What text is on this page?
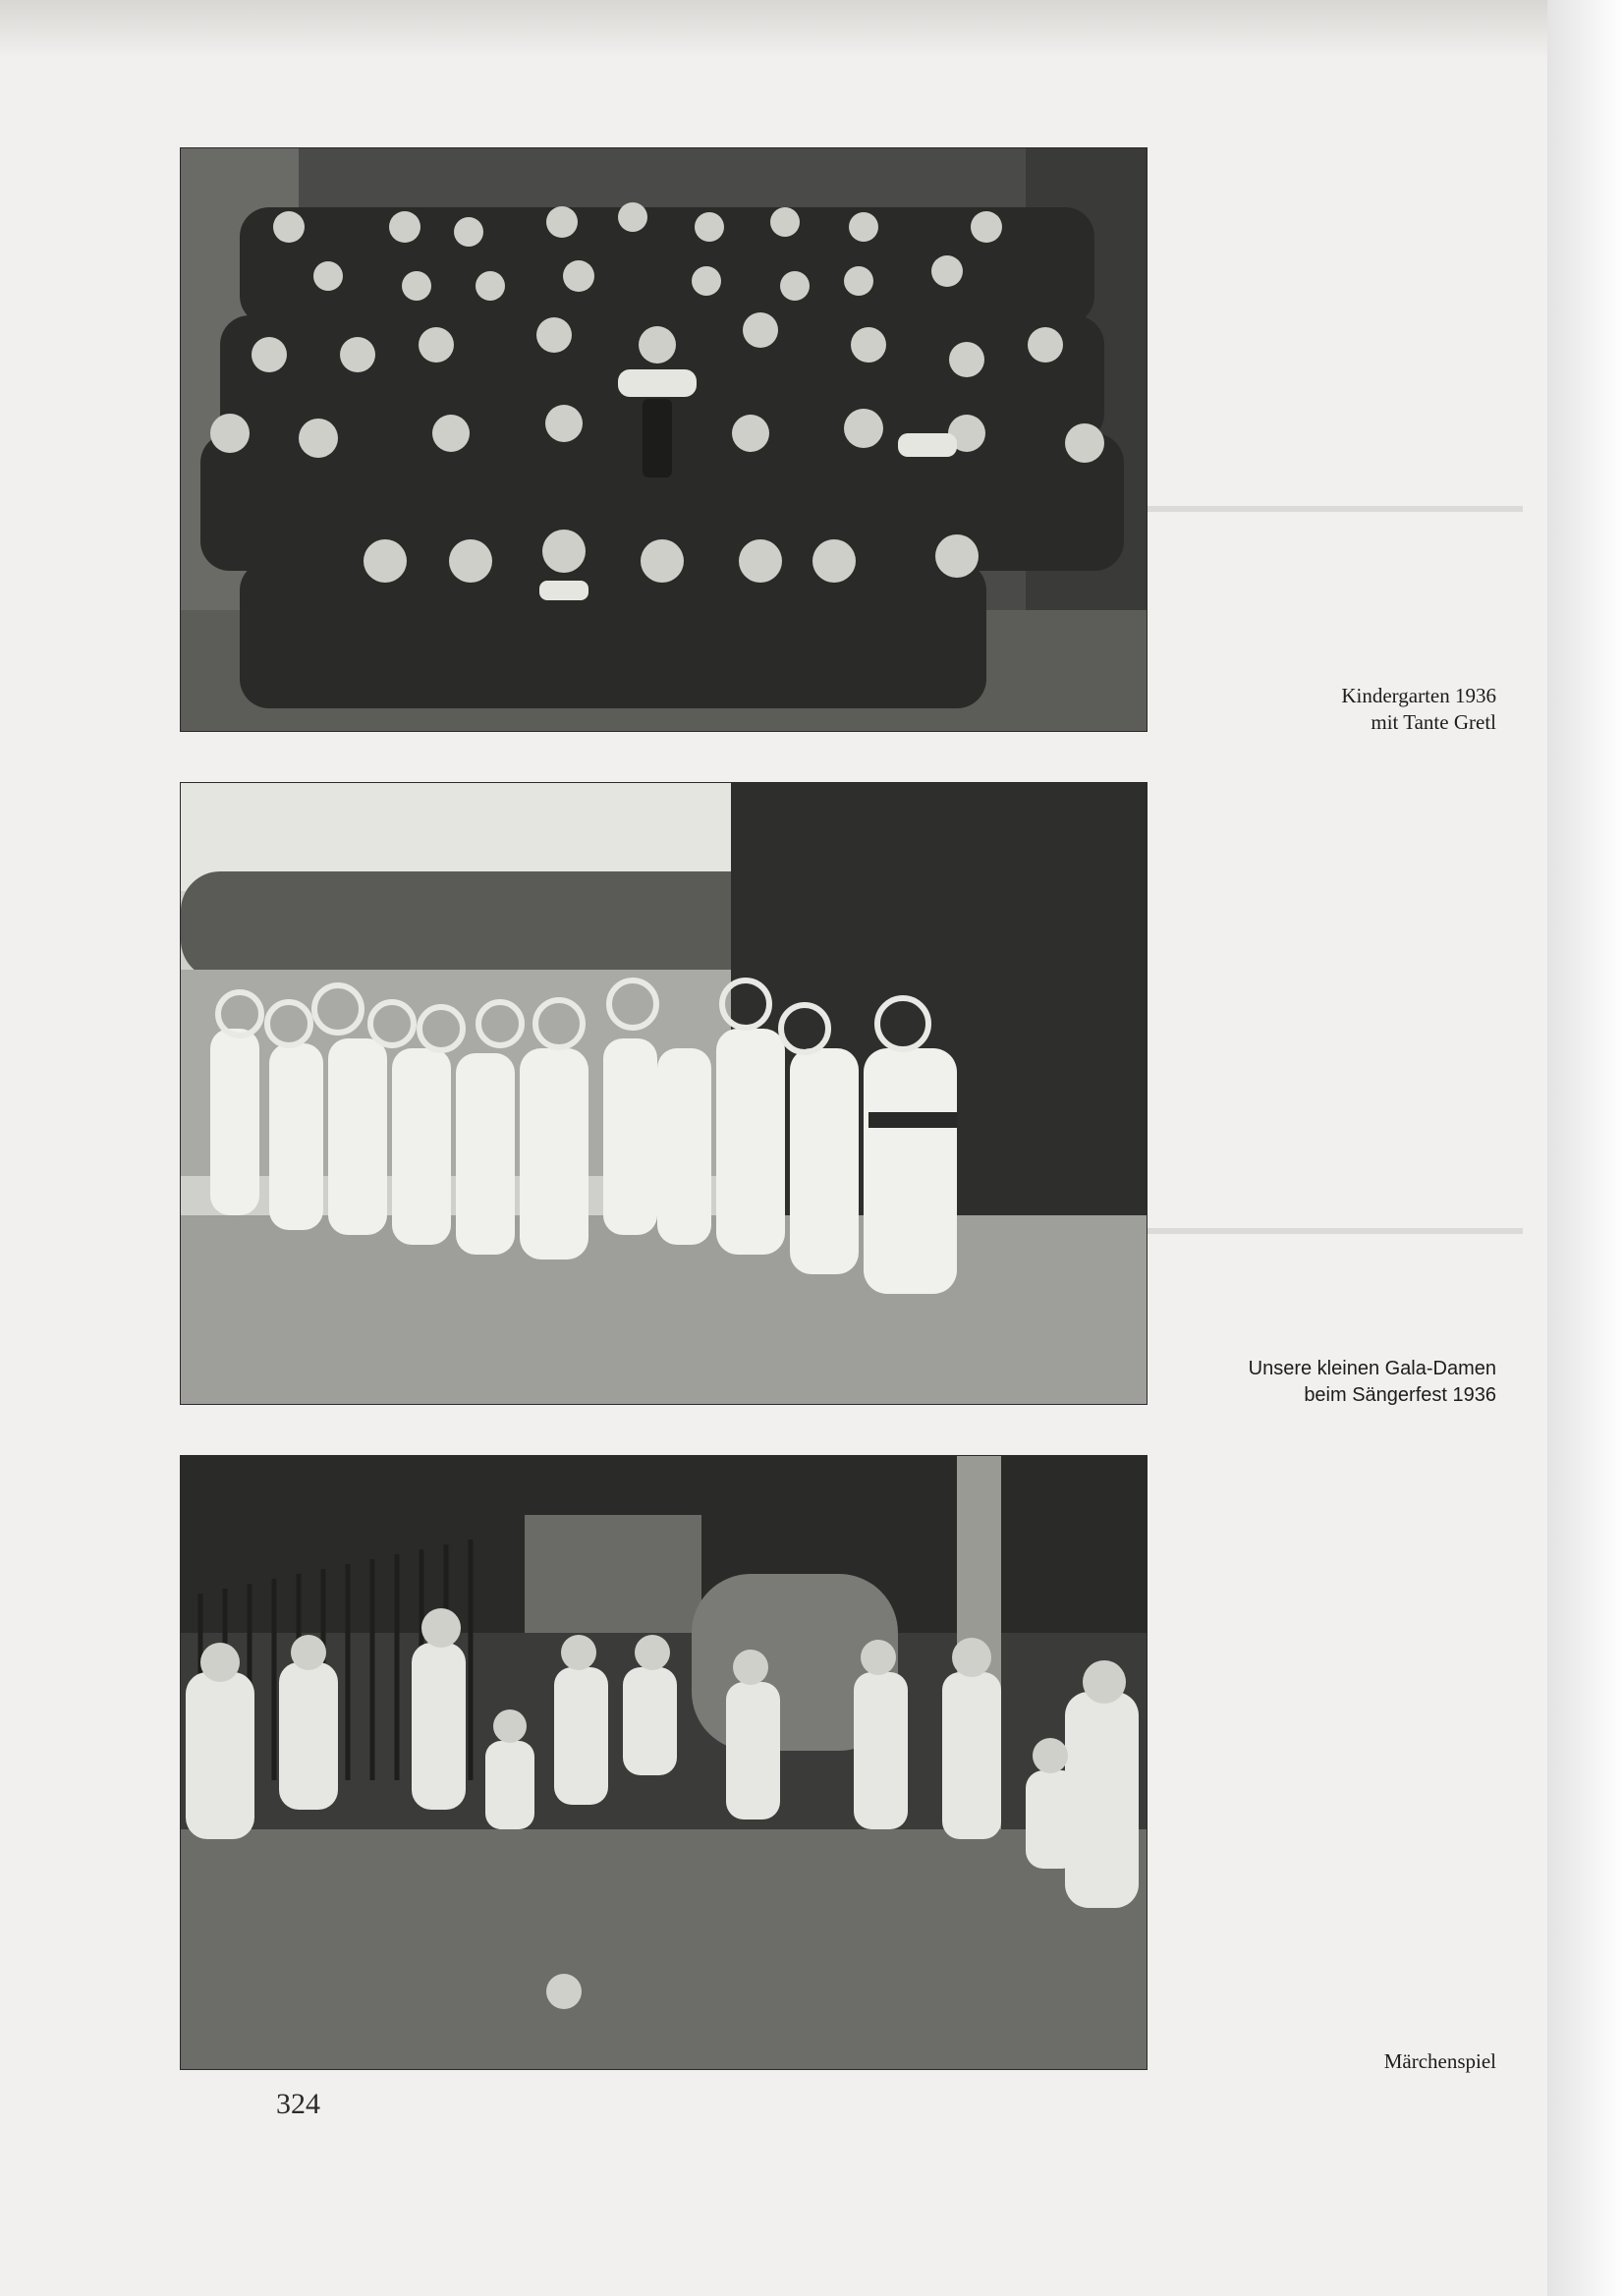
Kindergarten 1936
mit Tante Gretl
Unsere kleinen Gala-Damen
beim Sängerfest 1936
Märchenspiel
324
